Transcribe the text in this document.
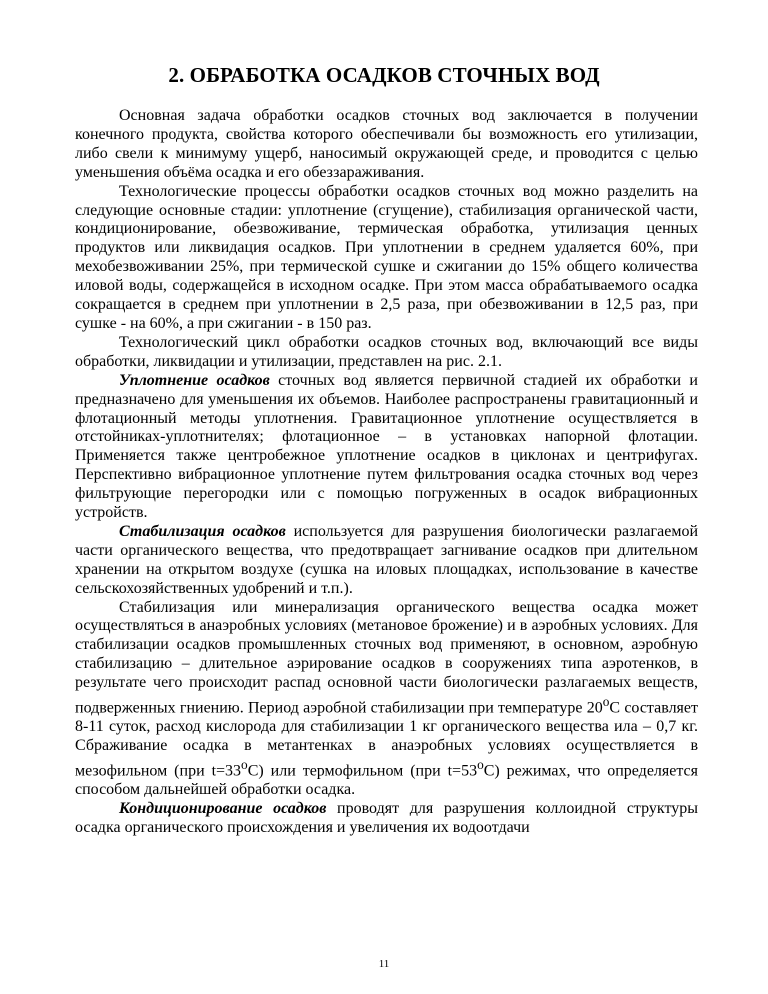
2. ОБРАБОТКА ОСАДКОВ СТОЧНЫХ ВОД

Основная задача обработки осадков сточных вод заключается в получении конечного продукта, свойства которого обеспечивали бы возможность его утилизации, либо свели к минимуму ущерб, наносимый окружающей среде, и проводится с целью уменьшения объёма осадка и его обеззараживания.

Технологические процессы обработки осадков сточных вод можно разделить на следующие основные стадии: уплотнение (сгущение), стабилизация органической части, кондиционирование, обезвоживание, термическая обработка, утилизация ценных продуктов или ликвидация осадков. При уплотнении в среднем удаляется 60%, при мехобезвоживании 25%, при термической сушке и сжигании до 15% общего количества иловой воды, содержащейся в исходном осадке. При этом масса обрабатываемого осадка сокращается в среднем при уплотнении в 2,5 раза, при обезвоживании в 12,5 раз, при сушке - на 60%, а при сжигании - в 150 раз.

Технологический цикл обработки осадков сточных вод, включающий все виды обработки, ликвидации и утилизации, представлен на рис. 2.1.

Уплотнение осадков сточных вод является первичной стадией их обработки и предназначено для уменьшения их объемов. Наиболее распространены гравитационный и флотационный методы уплотнения. Гравитационное уплотнение осуществляется в отстойниках-уплотнителях; флотационное – в установках напорной флотации. Применяется также центробежное уплотнение осадков в циклонах и центрифугах. Перспективно вибрационное уплотнение путем фильтрования осадка сточных вод через фильтрующие перегородки или с помощью погруженных в осадок вибрационных устройств.

Стабилизация осадков используется для разрушения биологически разлагаемой части органического вещества, что предотвращает загнивание осадков при длительном хранении на открытом воздухе (сушка на иловых площадках, использование в качестве сельскохозяйственных удобрений и т.п.).

Стабилизация или минерализация органического вещества осадка может осуществляться в анаэробных условиях (метановое брожение) и в аэробных условиях. Для стабилизации осадков промышленных сточных вод применяют, в основном, аэробную стабилизацию – длительное аэрирование осадков в сооружениях типа аэротенков, в результате чего происходит распад основной части биологически разлагаемых веществ, подверженных гниению. Период аэробной стабилизации при температуре 20$^o$С составляет 8-11 суток, расход кислорода для стабилизации 1 кг органического вещества ила – 0,7 кг. Сбраживание осадка в метантенках в анаэробных условиях осуществляется в мезофильном (при $t=33^oС$) или термофильном (при $t=53^oС$) режимах, что определяется способом дальнейшей обработки осадка.

Кондиционирование осадков проводят для разрушения коллоидной структуры осадка органического происхождения и увеличения их водоотдачи

11
